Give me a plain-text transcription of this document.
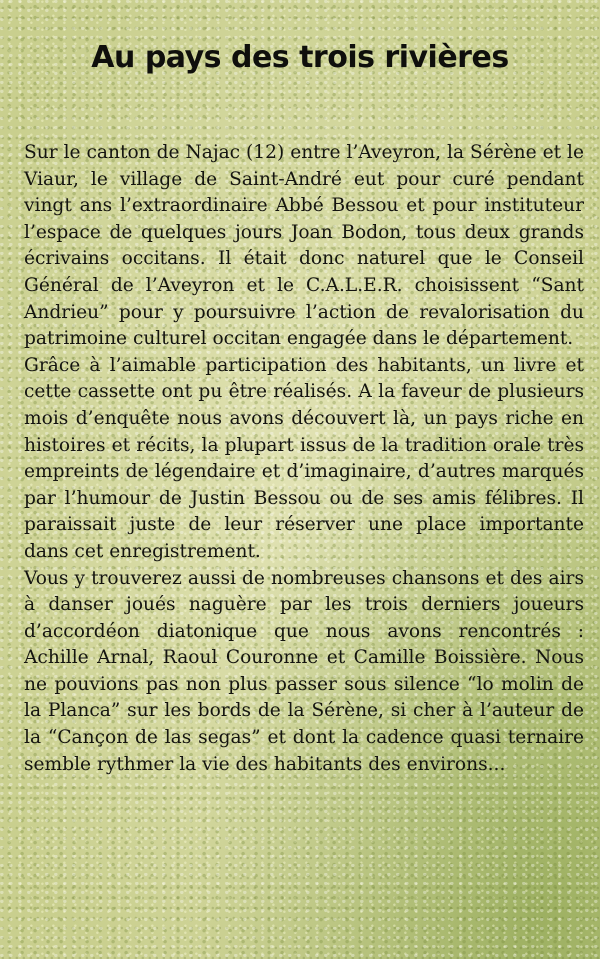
Au pays des trois rivières

Sur le canton de Najac (12) entre l’Aveyron, la Sérène et le Viaur, le village de Saint-André eut pour curé pendant vingt ans l’extraordinaire Abbé Bessou et pour instituteur l’espace de quelques jours Joan Bodon, tous deux grands écrivains occitans. Il était donc naturel que le Conseil Général de l’Aveyron et le C.A.L.E.R. choisissent “Sant Andrieu” pour y poursuivre l’action de revalorisation du patrimoine culturel occitan engagée dans le département.

Grâce à l’aimable participation des habitants, un livre et cette cassette ont pu être réalisés. A la faveur de plusieurs mois d’enquête nous avons découvert là, un pays riche en histoires et récits, la plupart issus de la tradition orale très empreints de légendaire et d’imaginaire, d’autres marqués par l’humour de Justin Bessou ou de ses amis félibres. Il paraissait juste de leur réserver une place importante dans cet enregistrement.

Vous y trouverez aussi de nombreuses chansons et des airs à danser joués naguère par les trois derniers joueurs d’accordéon diatonique que nous avons rencontrés : Achille Arnal, Raoul Couronne et Camille Boissière. Nous ne pouvions pas non plus passer sous silence “lo molin de la Planca” sur les bords de la Sérène, si cher à l’auteur de la “Cançon de las segas” et dont la cadence quasi ternaire semble rythmer la vie des habitants des environs...
